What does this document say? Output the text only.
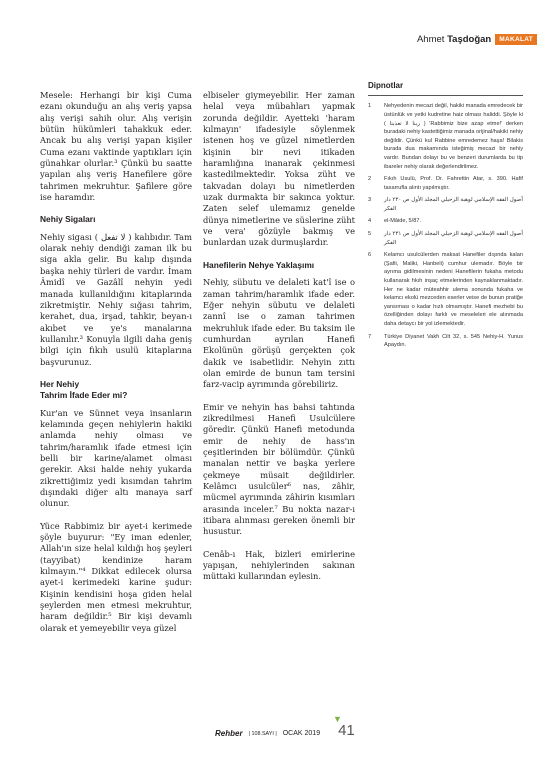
Ahmet Taşdoğan	MAKALAT

Mesele: Herhangi bir kişi Cuma ezanı okunduğu an alış veriş yapsa alış verişi sahih olur. Alış verişin bütün hükümleri tahakkuk eder. Ancak bu alış verişi yapan kişiler Cuma ezanı vaktinde yaptıkları için günahkar olurlar.³ Çünkü bu saatte yapılan alış veriş Hanefilere göre tahrimen mekruhtur. Şafilere göre ise haramdır.

Nehiy Sigaları

Nehiy sigası ( لا تفعل ) kalıbıdır. Tam olarak nehiy dendiği zaman ilk bu siga akla gelir. Bu kalıp dışında başka nehiy türleri de vardır. İmam Âmidî ve Gazâlî nehyin yedi manada kullanıldığını kitaplarında zikretmiştir. Nehiy sığası tahrim, kerahet, dua, irşad, tahkir, beyan-ı akıbet ve ye's manalarına kullanılır.³ Konuyla ilgili daha geniş bilgi için fıkıh usulü kitaplarına başvurunuz.

Her Nehiy
Tahrim İfade Eder mi?

Kur'an ve Sünnet veya insanların kelamında geçen nehiylerin hakiki anlamda nehiy olması ve tahrim/haramlık ifade etmesi için belli bir karine/alamet olması gerekir. Aksi halde nehiy yukarda zikrettiğimiz yedi kısımdan tahrim dışındaki diğer altı manaya sarf olunur.

Yüce Rabbimiz bir ayet-i kerimede şöyle buyurur: "Ey iman edenler, Allah'ın size helal kıldığı hoş şeyleri (tayyibat) kendinize haram kılmayın."⁴ Dikkat edilecek olursa ayet-i kerimedeki karine şudur: Kişinin kendisini hoşa giden helal şeylerden men etmesi mekruhtur, haram değildir.⁵ Bir kişi devamlı olarak et yemeyebilir veya güzel

elbiseler giymeyebilir. Her zaman helal veya mübahları yapmak zorunda değildir. Ayetteki 'haram kılmayın' ifadesiyle söylenmek istenen hoş ve güzel nimetlerden kişinin bir nevi itikaden haramlığına inanarak çekinmesi kastedilmektedir. Yoksa züht ve takvadan dolayı bu nimetlerden uzak durmakta bir sakınca yoktur. Zaten selef ulemamız genelde dünya nimetlerine ve süslerine züht ve vera' gözüyle bakmış ve bunlardan uzak durmuşlardır.

Hanefilerin Nehye Yaklaşımı

Nehiy, sübutu ve delaleti kat'î ise o zaman tahrim/haramlık ifade eder. Eğer nehyin sübutu ve delaleti zannî ise o zaman tahrimen mekruhluk ifade eder. Bu taksim ile cumhurdan ayrılan Hanefi Ekolünün görüşü gerçekten çok dakik ve isabetlidir. Nehyin zıttı olan emirde de bunun tam tersini farz-vacip ayrımında görebiliriz.

Emir ve nehyin has bahsi tahtında zikredilmesi Hanefi Usulcülere göredir. Çünkü Hanefi metodunda emir de nehiy de hass'ın çeşitlerinden bir bölümdür. Çünkü manalan nettir ve başka yerlere çekmeye müsait değildirler. Kelâmcı usulcüler⁶ nas, zâhir, mücmel ayrımında zâhirin kısımları arasında inceler.⁷ Bu nokta nazar-ı itibara alınması gereken önemli bir husustur.

Cenâb-ı Hak, bizleri emirlerine yapışan, nehiylerinden sakınan müttaki kullarından eylesin.

Dipnotlar
1	Nehyedenin mecazi değil, hakiki manada emredecek bir üstünlük ve yetki kudretine haiz olması haliddi. Şöyle ki ( ربنا لا تعذبنا ) 'Rabbimiz bize azap etme!' derken buradaki nehiy kastettiğimiz manada orijinal/hakiki nehiy değildir. Çünkü kul Rabbine emredemez haşa! Bilakis burada dua makamında isteğimiş mecazi bir nehiy vardır. Bundan dolayı bu ve benzeri durumlarda bu tip ibareler nehiy olarak değerlendirilmez.
2	Fıkıh Usulü, Prof. Dr. Fahrettin Atar, s. 390. Hafif tasarrufla alıntı yapılmıştır.
3	أصول الفقه الإسلامي لوهبة الزحيلي المجلد الأول ص ٢٣٠ دار الفكر
4	el-Mâide, 5/87.
5	أصول الفقه الإسلامي لوهبة الزحيلي المجلد الأول ص ٢٣١ دار الفكر
6	Kelamcı usulcülerden maksat Hanefiler dışında kalan (Şafii, Maliki, Hanbeli) cumhur ulemadır. Böyle bir ayrıma gidilmesinin nedeni Hanefilerin fukaha metodu kullanarak fıkıh inşaç etmelerinden kaynaklanmaktadır. Her ne kadar müteahhir ulema sonunda fukaha ve kelamcı ekolü mezceden eserler veise de bunun pratiğe yansıması o kadar hızlı olmamıştır. Hanefi mezhebi bu özelliğinden dolayı farklı ve meseleleri ele alınmada daha detaycı bir yol izlemektedir.
7	Türkiye Diyanet Vakfı Cilt 32, s. 545 Nehiy-H. Yunus Apaydın.
▼
Rehber | 108.SAYI | OCAK 2019 41
